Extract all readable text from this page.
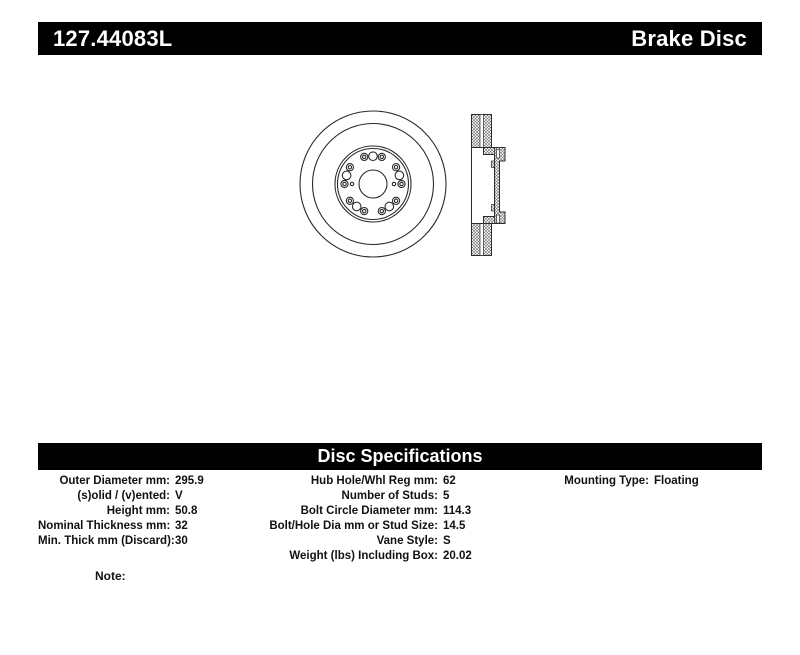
127.44083L	Brake Disc
Disc Specifications
Outer Diameter mm: 295.9
(s)olid / (v)ented: V
Height mm: 50.8
Nominal Thickness mm: 32
Min. Thick mm (Discard): 30
Hub Hole/Whl Reg mm: 62
Number of Studs: 5
Bolt Circle Diameter mm: 114.3
Bolt/Hole Dia mm or Stud Size: 14.5
Vane Style: S
Weight (lbs) Including Box: 20.02
Mounting Type: Floating
Note:
